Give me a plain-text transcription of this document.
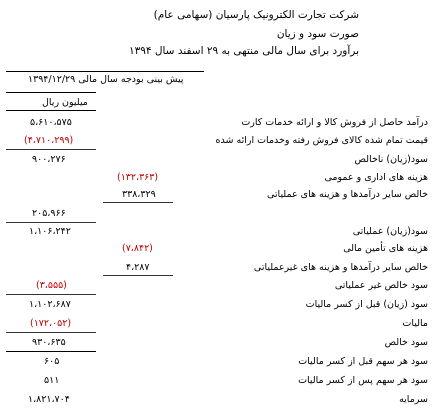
شرکت تجارت الکترونیک پارسیان (سهامی عام)
صورت سود و زیان
برآورد برای سال مالی منتهی به ۲۹ اسفند سال ۱۳۹۴
پیش بینی بودجه سال مالی ۱۳۹۴/۱۲/۲۹
میلیون ریال
درآمد حاصل از فروش کالا و ارائه خدمات کارت
۵،۶۱۰،۵۷۵
قیمت تمام شده کالای فروش رفته وخدمات ارائه شده
(۴،۷۱۰،۲۹۹)
سود(زیان) ناخالص
۹۰۰،۲۷۶
هزینه های اداری و عمومی
(۱۳۲،۳۶۳)
خالص سایر درآمدها و هزینه های عملیاتی
۳۳۸،۳۲۹
۲۰۵،۹۶۶
سود(زیان) عملیاتی
۱،۱۰۶،۲۴۲
هزینه های تأمین مالی
(۷،۸۴۲)
خالص سایر درآمدها و هزینه های غیرعملیاتی
۴،۲۸۷
سود خالص غیر عملیاتی
(۳،۵۵۵)
سود (زیان) قبل از کسر مالیات
۱،۱۰۲،۶۸۷
مالیات
(۱۷۲،۰۵۲)
سود خالص
۹۳۰،۶۳۵
سود هر سهم قبل از کسر مالیات
۶۰۵
سود هر سهم پس از کسر مالیات
۵۱۱
سرمایه
۱،۸۲۱،۷۰۴
